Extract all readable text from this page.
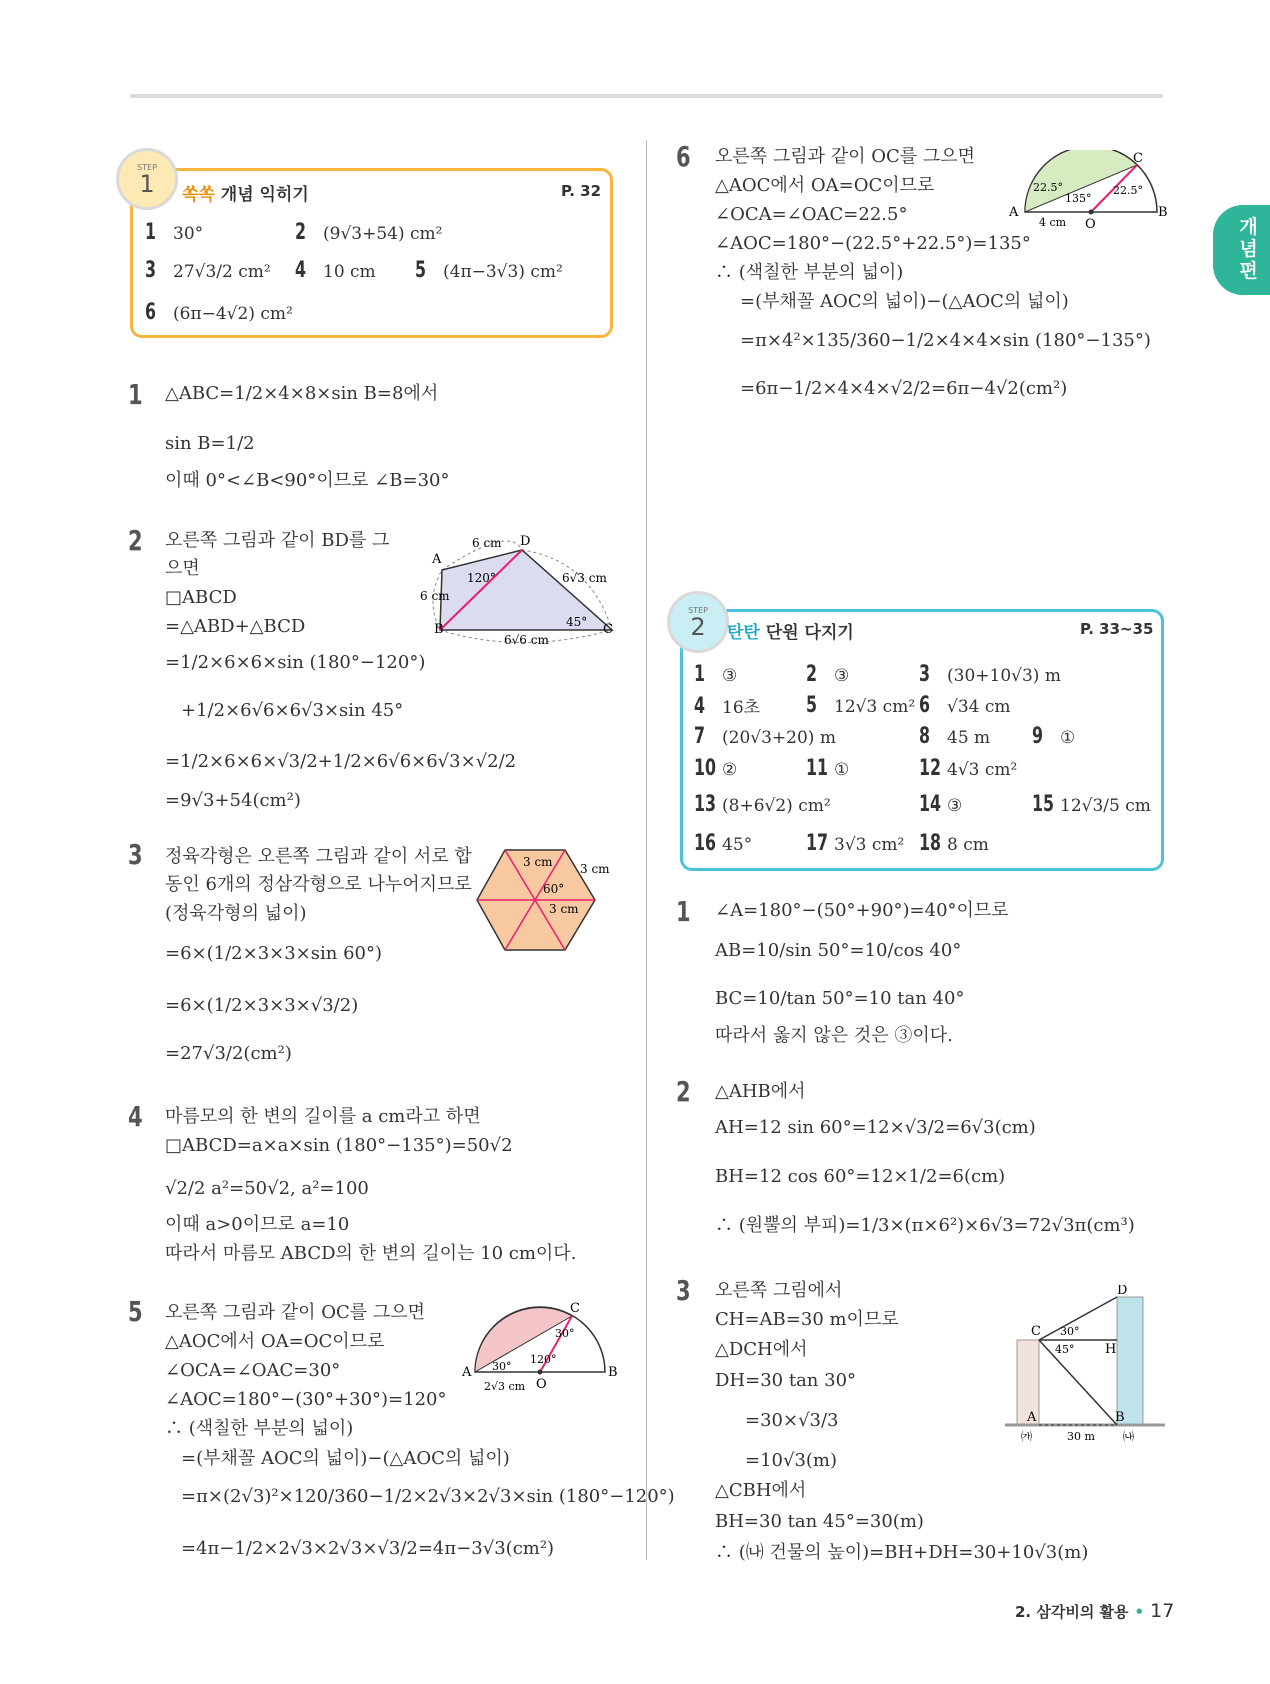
개
념
편
STEP
1	쏙쏙 개념 익히기	P. 32
1 30°	2 (9√3+54) cm²
3 27√3/2 cm² 4 10 cm 5 (4π−3√3) cm²
6 (6π−4√2) cm²
1 △ABC=1/2×4×8×sin B=8에서
sin B=1/2
이때 0°<∠B<90°이므로 ∠B=30°
2 오른쪽 그림과 같이 BD를 그
으면
□ABCD
=△ABD+△BCD
=1/2×6×6×sin (180°−120°)
+1/2×6√6×6√3×sin 45°
=1/2×6×6×√3/2+1/2×6√6×6√3×√2/2
=9√3+54(cm²)
A
D
B	C
6 cm
6 cm
6√3 cm
6√6 cm
120°
45°
3 정육각형은 오른쪽 그림과 같이 서로 합
동인 6개의 정삼각형으로 나누어지므로
(정육각형의 넓이)
=6×(1/2×3×3×sin 60°)
=6×(1/2×3×3×√3/2)
=27√3/2(cm²)
3 cm 3 cm
60°
3 cm
4 마름모의 한 변의 길이를 a cm라고 하면
□ABCD=a×a×sin (180°−135°)=50√2
√2/2 a²=50√2, a²=100
이때 a>0이므로 a=10
따라서 마름모 ABCD의 한 변의 길이는 10 cm이다.
5 오른쪽 그림과 같이 OC를 그으면
△AOC에서 OA=OC이므로
∠OCA=∠OAC=30°
∠AOC=180°−(30°+30°)=120°
∴ (색칠한 부분의 넓이)
=(부채꼴 AOC의 넓이)−(△AOC의 넓이)
=π×(2√3)²×120/360−1/2×2√3×2√3×sin (180°−120°)
=4π−1/2×2√3×2√3×√3/2=4π−3√3(cm²)
A	B
C
O
30°
30°
120°
2√3 cm
6 오른쪽 그림과 같이 OC를 그으면
△AOC에서 OA=OC이므로
∠OCA=∠OAC=22.5°
∠AOC=180°−(22.5°+22.5°)=135°
∴ (색칠한 부분의 넓이)
=(부채꼴 AOC의 넓이)−(△AOC의 넓이)
=π×4²×135/360−1/2×4×4×sin (180°−135°)
=6π−1/2×4×4×√2/2=6π−4√2(cm²)
A	B
C
O
22.5°	22.5°
135°
4 cm
STEP
2	탄탄 단원 다지기	P. 33~35
1 ③	2 ③	3 (30+10√3) m
4 16초 5 12√3 cm² 6 √34 cm
7 (20√3+20) m	8 45 m 9 ①
10 ②	11 ①	12 4√3 cm²
13 (8+6√2) cm²	14 ③	15 12√3/5 cm
16 45° 17 3√3 cm² 18 8 cm
1 ∠A=180°−(50°+90°)=40°이므로
AB=10/sin 50°=10/cos 40°
BC=10/tan 50°=10 tan 40°
따라서 옳지 않은 것은 ③이다.
2 △AHB에서
AH=12 sin 60°=12×√3/2=6√3(cm)
BH=12 cos 60°=12×1/2=6(cm)
∴ (원뿔의 부피)=1/3×(π×6²)×6√3=72√3π(cm³)
3 오른쪽 그림에서
CH=AB=30 m이므로
△DCH에서
DH=30 tan 30°
=30×√3/3
=10√3(m)
△CBH에서
BH=30 tan 45°=30(m)
∴ (㈏ 건물의 높이)=BH+DH=30+10√3(m)
D
C
H
A	B
30°
45°
30 m
㈎	㈏
2. 삼각비의 활용 • 17
